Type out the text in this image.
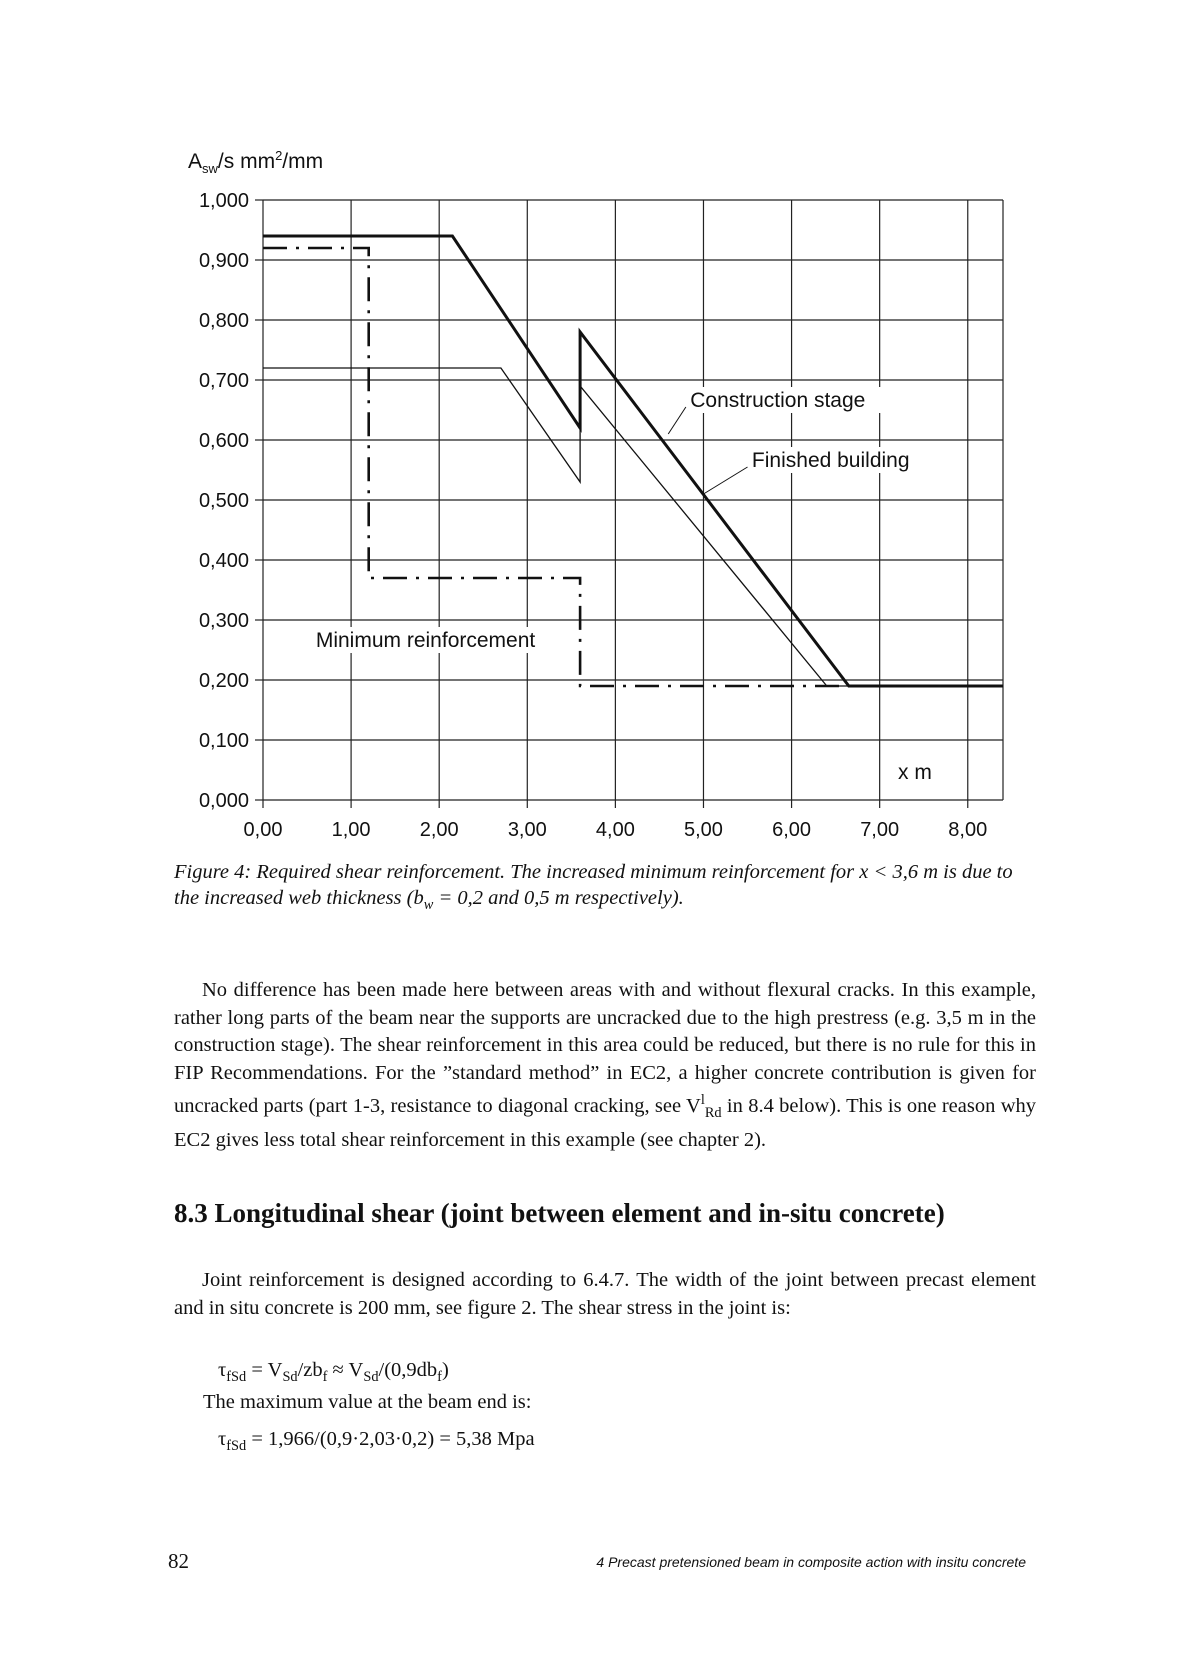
$A_{sw}/s$ $mm^2/mm$
0,000
0,100
0,200
0,300
0,400
0,500
0,600
0,700
0,800
0,900
1,000
0,00 1,00 2,00 3,00 4,00 5,00 6,00 7,00 8,00
Construction stage
Finished building
Minimum reinforcement
x m
Figure 4: Required shear reinforcement. The increased minimum reinforcement for x < 3,6 m is due to the increased web thickness ($b_w = 0,2$ and 0,5 m respectively).

No difference has been made here between areas with and without flexural cracks. In this example, rather long parts of the beam near the supports are uncracked due to the high prestress (e.g. 3,5 m in the construction stage). The shear reinforcement in this area could be reduced, but there is no rule for this in FIP Recommendations. For the ”standard method” in EC2, a higher concrete contribution is given for uncracked parts (part 1-3, resistance to diagonal cracking, see $V^l_{Rd}$ in 8.4 below). This is one reason why EC2 gives less total shear reinforcement in this example (see chapter 2).

8.3 Longitudinal shear (joint between element and in-situ concrete)

Joint reinforcement is designed according to 6.4.7. The width of the joint between precast element and in situ concrete is 200 mm, see figure 2. The shear stress in the joint is:

$\tau_{fSd} = V_{Sd}/zb_f \approx V_{Sd}/(0,9db_f)$
The maximum value at the beam end is:
$\tau_{fSd} = 1,966/(0,9\cdot 2,03\cdot 0,2) = 5,38$ Mpa
82	4 Precast pretensioned beam in composite action with insitu concrete
